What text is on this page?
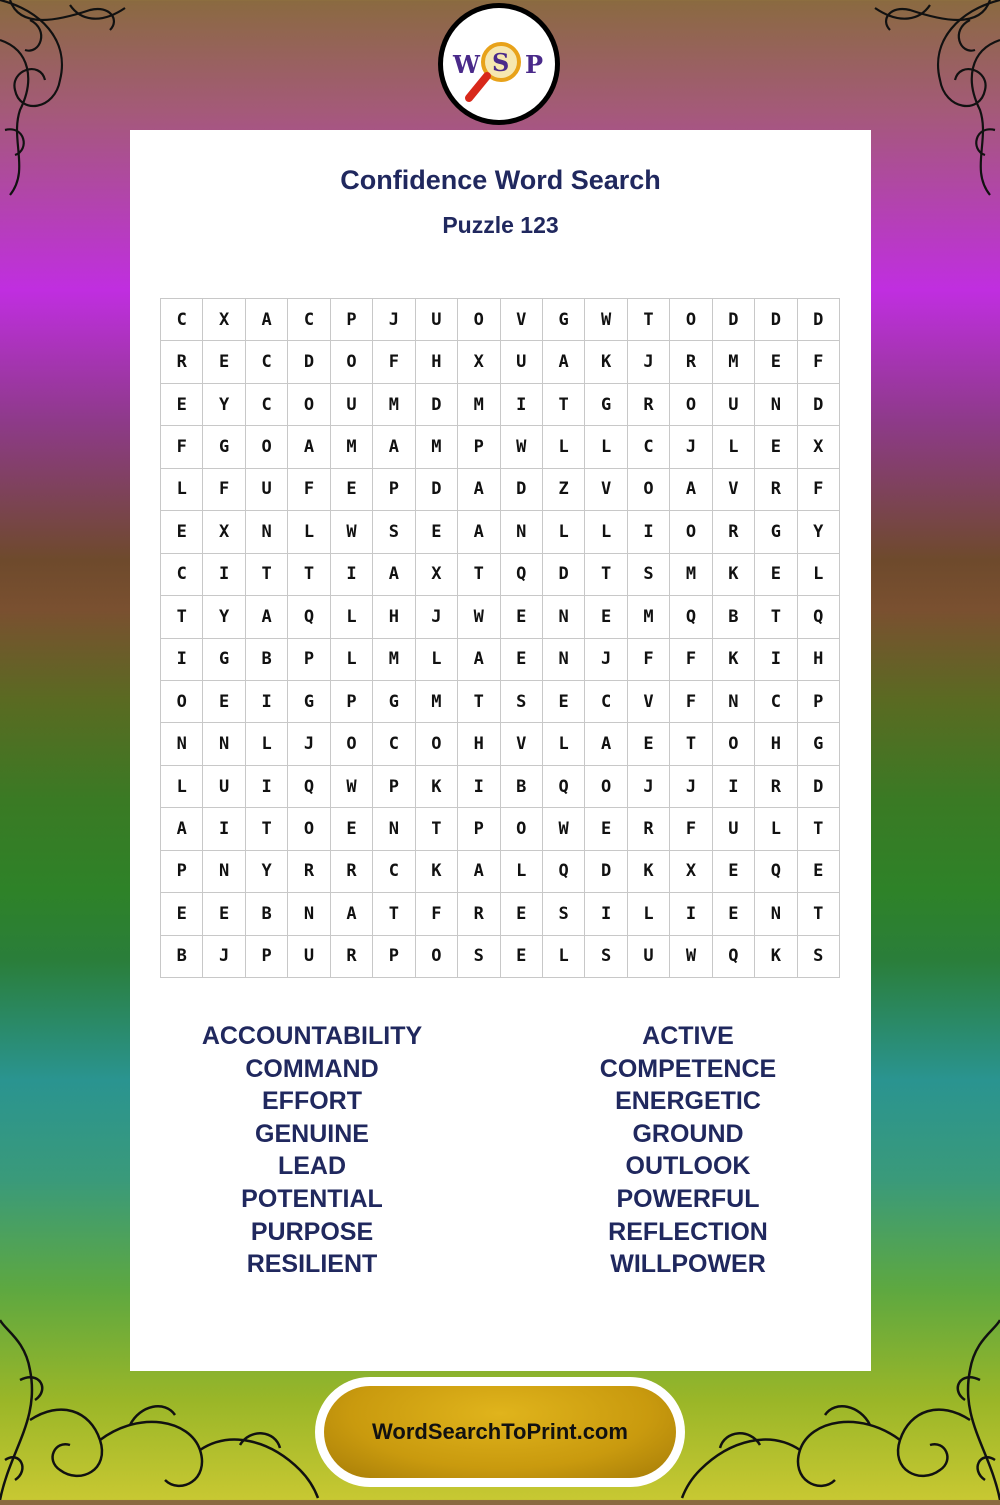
W S P
Confidence Word Search
Puzzle 123
C	X	A	C	P	J	U	O	V	G	W	T	O	D	D	D
R	E	C	D	O	F	H	X	U	A	K	J	R	M	E	F
E	Y	C	O	U	M	D	M	I	T	G	R	O	U	N	D
F	G	O	A	M	A	M	P	W	L	L	C	J	L	E	X
L	F	U	F	E	P	D	A	D	Z	V	O	A	V	R	F
E	X	N	L	W	S	E	A	N	L	L	I	O	R	G	Y
C	I	T	T	I	A	X	T	Q	D	T	S	M	K	E	L
T	Y	A	Q	L	H	J	W	E	N	E	M	Q	B	T	Q
I	G	B	P	L	M	L	A	E	N	J	F	F	K	I	H
O	E	I	G	P	G	M	T	S	E	C	V	F	N	C	P
N	N	L	J	O	C	O	H	V	L	A	E	T	O	H	G
L	U	I	Q	W	P	K	I	B	Q	O	J	J	I	R	D
A	I	T	O	E	N	T	P	O	W	E	R	F	U	L	T
P	N	Y	R	R	C	K	A	L	Q	D	K	X	E	Q	E
E	E	B	N	A	T	F	R	E	S	I	L	I	E	N	T
B	J	P	U	R	P	O	S	E	L	S	U	W	Q	K	S
ACCOUNTABILITY
COMMAND
EFFORT
GENUINE
LEAD
POTENTIAL
PURPOSE
RESILIENT
ACTIVE
COMPETENCE
ENERGETIC
GROUND
OUTLOOK
POWERFUL
REFLECTION
WILLPOWER
WordSearchToPrint.com
